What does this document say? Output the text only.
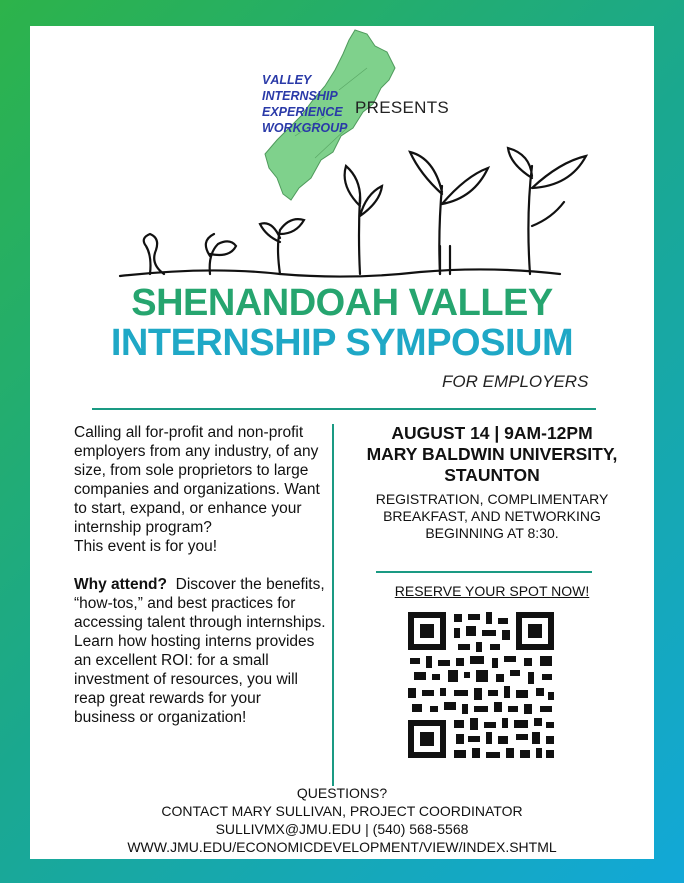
VALLEY
INTERNSHIP
EXPERIENCE
WORKGROUP
PRESENTS
SHENANDOAH VALLEY
INTERNSHIP SYMPOSIUM
FOR EMPLOYERS

Calling all for-profit and non-profit employers from any industry, of any size, from sole proprietors to large companies and organizations. Want to start, expand, or enhance your internship program?

This event is for you!

Why attend? Discover the benefits, “how-tos,” and best practices for accessing talent through internships. Learn how hosting interns provides an excellent ROI: for a small investment of resources, you will reap great rewards for your business or organization!

AUGUST 14 | 9AM-12PM
MARY BALDWIN UNIVERSITY,
STAUNTON
REGISTRATION, COMPLIMENTARY BREAKFAST, AND NETWORKING BEGINNING AT 8:30.
RESERVE YOUR SPOT NOW!
QUESTIONS?
CONTACT MARY SULLIVAN, PROJECT COORDINATOR
SULLIVMX@JMU.EDU | (540) 568-5568
WWW.JMU.EDU/ECONOMICDEVELOPMENT/VIEW/INDEX.SHTML
